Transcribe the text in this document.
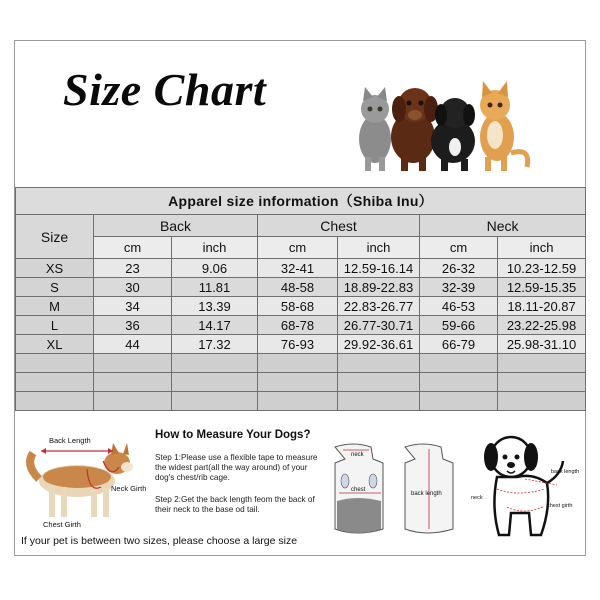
Size Chart
Apparel size information（Shiba Inu）						
Size	Back		Chest		Neck	
	cm	inch	cm	inch	cm	inch
XS	23	9.06	32-41	12.59-16.14	26-32	10.23-12.59
S	30	11.81	48-58	18.89-22.83	32-39	12.59-15.35
M	34	13.39	58-68	22.83-26.77	46-53	18.11-20.87
L	36	14.17	68-78	26.77-30.71	59-66	23.22-25.98
XL	44	17.32	76-93	29.92-36.61	66-79	25.98-31.10

Back Length
Neck Girth
Chest Girth
How to Measure Your Dogs?
Step 1:Please use a flexible tape to measure the widest part(all the way around) of your dog's chest/rib cage.
Step 2:Get the back length feom the back of their neck to the base od tail.
neck
chest
back length
back length
neck
chest girth
If your pet is between two sizes, please choose a large size
